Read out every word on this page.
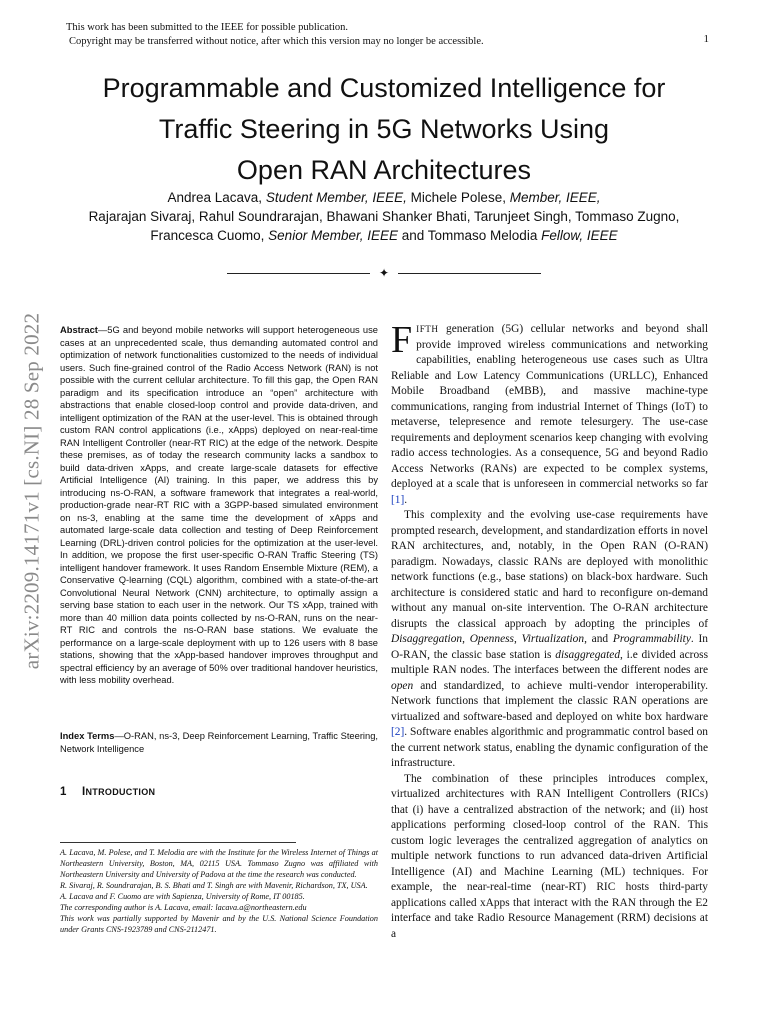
This work has been submitted to the IEEE for possible publication.
Copyright may be transferred without notice, after which this version may no longer be accessible.	1
Programmable and Customized Intelligence for
Traffic Steering in 5G Networks Using
Open RAN Architectures
Andrea Lacava, Student Member, IEEE, Michele Polese, Member, IEEE,
Rajarajan Sivaraj, Rahul Soundrarajan, Bhawani Shanker Bhati, Tarunjeet Singh, Tommaso Zugno,
Francesca Cuomo, Senior Member, IEEE and Tommaso Melodia Fellow, IEEE
✦
arXiv:2209.14171v1 [cs.NI] 28 Sep 2022 Abstract—5G and beyond mobile networks will support heterogeneous use cases at an unprecedented scale, thus demanding automated control and optimization of network functionalities customized to the needs of individual users. Such fine-grained control of the Radio Access Network (RAN) is not possible with the current cellular architecture. To fill this gap, the Open RAN paradigm and its specification introduce an “open” architecture with abstractions that enable closed-loop control and provide data-driven, and intelligent optimization of the RAN at the user-level. This is obtained through custom RAN control applications (i.e., xApps) deployed on near-real-time RAN Intelligent Controller (near-RT RIC) at the edge of the network. Despite these premises, as of today the research community lacks a sandbox to build data-driven xApps, and create large-scale datasets for effective Artificial Intelligence (AI) training. In this paper, we address this by introducing ns-O-RAN, a software framework that integrates a real-world, production-grade near-RT RIC with a 3GPP-based simulated environment on ns-3, enabling at the same time the development of xApps and automated large-scale data collection and testing of Deep Reinforcement Learning (DRL)-driven control policies for the optimization at the user-level. In addition, we propose the first user-specific O-RAN Traffic Steering (TS) intelligent handover framework. It uses Random Ensemble Mixture (REM), a Conservative Q-learning (CQL) algorithm, combined with a state-of-the-art Convolutional Neural Network (CNN) architecture, to optimally assign a serving base station to each user in the network. Our TS xApp, trained with more than 40 million data points collected by ns-O-RAN, runs on the near-RT RIC and controls the ns-O-RAN base stations. We evaluate the performance on a large-scale deployment with up to 126 users with 8 base stations, showing that the xApp-based handover improves throughput and spectral efficiency by an average of 50% over traditional handover heuristics, with less mobility overhead.

Index Terms—O-RAN, ns-3, Deep Reinforcement Learning, Traffic Steering, Network Intelligence

1 INTRODUCTION

A. Lacava, M. Polese, and T. Melodia are with the Institute for the Wireless Internet of Things at Northeastern University, Boston, MA, 02115 USA. Tommaso Zugno was affiliated with Northeastern University and University of Padova at the time the research was conducted.

R. Sivaraj, R. Soundrarajan, B. S. Bhati and T. Singh are with Mavenir, Richardson, TX, USA.

A. Lacava and F. Cuomo are with Sapienza, University of Rome, IT 00185.

The corresponding author is A. Lacava, email: lacava.a@northeastern.edu

This work was partially supported by Mavenir and by the U.S. National Science Foundation under Grants CNS-1923789 and CNS-2112471.

FIFTH generation (5G) cellular networks and beyond shall provide improved wireless communications and networking capabilities, enabling heterogeneous use cases such as Ultra Reliable and Low Latency Communications (URLLC), Enhanced Mobile Broadband (eMBB), and massive machine-type communications, ranging from industrial Internet of Things (IoT) to metaverse, telepresence and remote telesurgery. The use-case requirements and deployment scenarios keep changing with evolving radio access technologies. As a consequence, 5G and beyond Radio Access Networks (RANs) are expected to be complex systems, deployed at a scale that is unforeseen in commercial networks so far [1].

This complexity and the evolving use-case requirements have prompted research, development, and standardization efforts in novel RAN architectures, and, notably, in the Open RAN (O-RAN) paradigm. Nowadays, classic RANs are deployed with monolithic network functions (e.g., base stations) on black-box hardware. Such architecture is considered static and hard to reconfigure on-demand without any manual on-site intervention. The O-RAN architecture disrupts the classical approach by adopting the principles of Disaggregation, Openness, Virtualization, and Programmability. In O-RAN, the classic base station is disaggregated, i.e divided across multiple RAN nodes. The interfaces between the different nodes are open and standardized, to achieve multi-vendor interoperability. Network functions that implement the classic RAN operations are virtualized and software-based and deployed on white box hardware [2]. Software enables algorithmic and programmatic control based on the current network status, enabling the dynamic configuration of the infrastructure.

The combination of these principles introduces complex, virtualized architectures with RAN Intelligent Controllers (RICs) that (i) have a centralized abstraction of the network; and (ii) host applications performing closed-loop control of the RAN. This custom logic leverages the centralized aggregation of analytics on multiple network functions to run advanced data-driven Artificial Intelligence (AI) and Machine Learning (ML) techniques. For example, the near-real-time (near-RT) RIC hosts third-party applications called xApps that interact with the RAN through the E2 interface and take Radio Resource Management (RRM) decisions at a
